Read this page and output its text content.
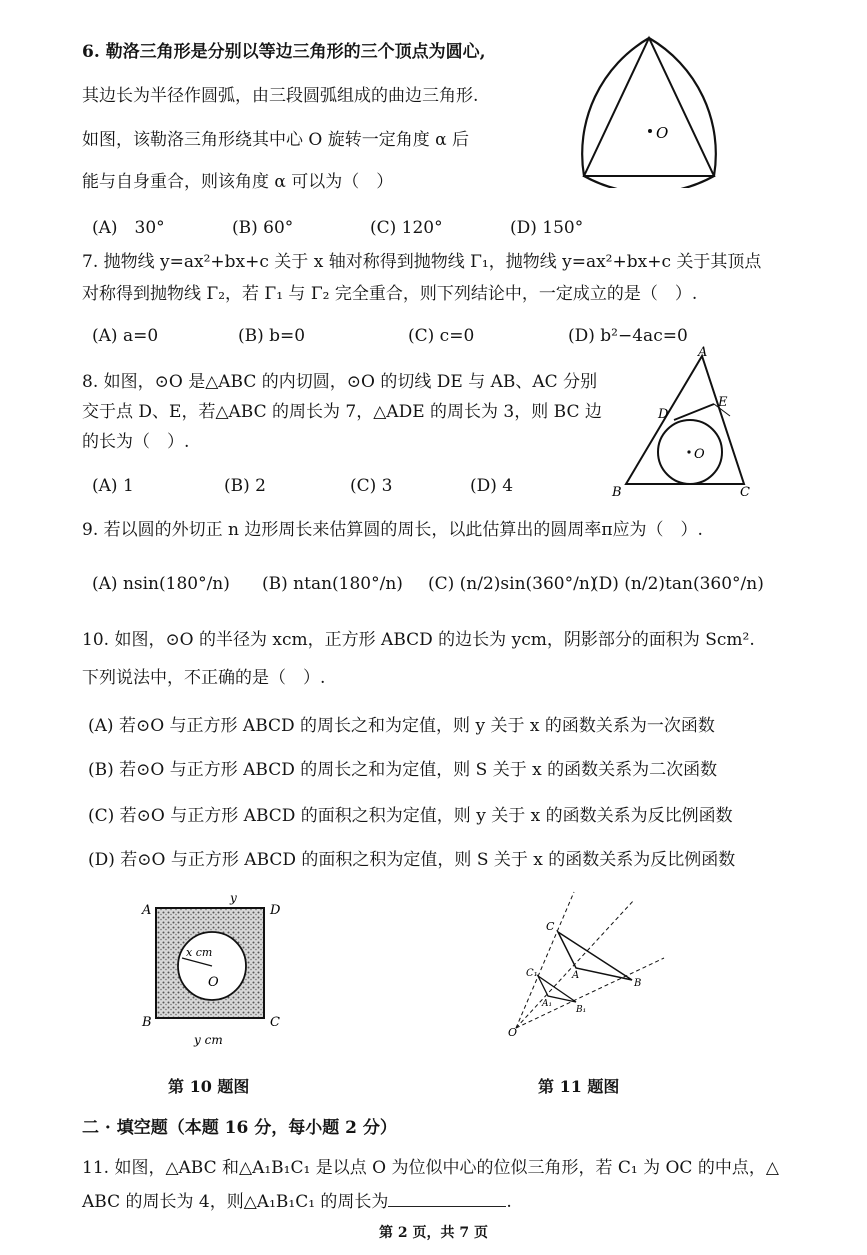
6. 勒洛三角形是分别以等边三角形的三个顶点为圆心,
其边长为半径作圆弧，由三段圆弧组成的曲边三角形.
如图，该勒洛三角形绕其中心 O 旋转一定角度 α 后
能与自身重合，则该角度 α 可以为（　）
O
(A)　30°	(B) 60°	(C) 120°	(D) 150°
7. 抛物线 y=ax²+bx+c 关于 x 轴对称得到抛物线 Γ₁，抛物线 y=ax²+bx+c 关于其顶点
对称得到抛物线 Γ₂，若 Γ₁ 与 Γ₂ 完全重合，则下列结论中，一定成立的是（　）.
(A) a=0	(B) b=0	(C) c=0	(D) b²−4ac=0
8. 如图，⊙O 是△ABC 的内切圆，⊙O 的切线 DE 与 AB、AC 分别
交于点 D、E，若△ABC 的周长为 7，△ADE 的周长为 3，则 BC 边
的长为（　）.
A
B	C
D
E
O
(A) 1	(B) 2	(C) 3	(D) 4
9. 若以圆的外切正 n 边形周长来估算圆的周长，以此估算出的圆周率π应为（　）.
(A) nsin(180°/n) (B) ntan(180°/n) (C) (n/2)sin(360°/n)
(D) (n/2)tan(360°/n)
10. 如图，⊙O 的半径为 xcm，正方形 ABCD 的边长为 ycm，阴影部分的面积为 Scm².
下列说法中，不正确的是（　）.
(A) 若⊙O 与正方形 ABCD 的周长之和为定值，则 y 关于 x 的函数关系为一次函数
(B) 若⊙O 与正方形 ABCD 的周长之和为定值，则 S 关于 x 的函数关系为二次函数
(C) 若⊙O 与正方形 ABCD 的面积之积为定值，则 y 关于 x 的函数关系为反比例函数
(D) 若⊙O 与正方形 ABCD 的面积之积为定值，则 S 关于 x 的函数关系为反比例函数
A	D
B	C
y
x cm
O
y cm
第 10 题图
C
A
B
C₁
A₁
B₁
O
第 11 题图
二 · 填空题（本题 16 分，每小题 2 分）
11. 如图，△ABC 和△A₁B₁C₁ 是以点 O 为位似中心的位似三角形，若 C₁ 为 OC 的中点，△
ABC 的周长为 4，则△A₁B₁C₁ 的周长为	.
第 2 页，共 7 页
